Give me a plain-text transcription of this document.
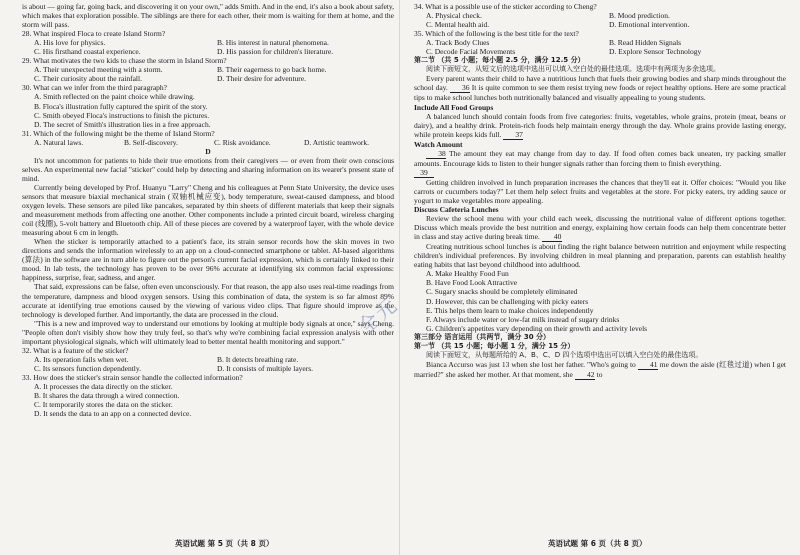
is about — going far, going back, and discovering it on your own," adds Smith. And in the end, it's also a book about safety, which makes that exploration possible. The siblings are there for each other, their mom is waiting for them at home, and the storm will pass.

28. What inspired Floca to create Island Storm?

A. His love for physics.	B. His interest in natural phenomena.
C. His firsthand coastal experience.	D. His passion for children's literature.

29. What motivates the two kids to chase the storm in Island Storm?

A. Their unexpected meeting with a storm.	B. Their eagerness to go back home.
C. Their curiosity about the rainfall.	D. Their desire for adventure.

30. What can we infer from the third paragraph?

A. Smith reflected on the paint choice while drawing.

B. Floca's illustration fully captured the spirit of the story.

C. Smith obeyed Floca's instructions to finish the pictures.

D. The secret of Smith's illustration lies in a free approach.

31. Which of the following might be the theme of Island Storm?

A. Natural laws.	B. Self-discovery.	C. Risk avoidance.	D. Artistic teamwork.

D

It's not uncommon for patients to hide their true emotions from their caregivers — or even from their own conscious selves. An experimental new facial "sticker" could help by detecting and sharing information on its wearer's present state of mind.

Currently being developed by Prof. Huanyu "Larry" Cheng and his colleagues at Penn State University, the device uses sensors that measure biaxial mechanical strain (双轴机械应变), body temperature, sweat-caused dampness, and blood oxygen levels. These sensors are piled like pancakes, separated by thin sheets of different materials that keep their signals and measurement methods from affecting one another. Other components include a printed circuit board, wireless charging coil (线圈), 5-volt battery and Bluetooth chip. All of these pieces are covered by a waterproof layer, with the whole device measuring about 6 cm in length.

When the sticker is temporarily attached to a patient's face, its strain sensor records how the skin moves in two directions and sends the information wirelessly to an app on a cloud-connected smartphone or tablet. AI-based algorithms (算法) in the software are in turn able to figure out the person's current facial expression, which is certainly linked to their mood. In lab tests, the technology has proven to be over 96% accurate at identifying six common facial expressions: happiness, surprise, fear, sadness, and anger.

That said, expressions can be false, often even unconsciously. For that reason, the app also uses real-time readings from the temperature, dampness and blood oxygen sensors. Using this combination of data, the system is so far almost 89% accurate at identifying true emotions caused by the viewing of various video clips. That figure should improve as the technology is developed further. And importantly, the data are processed in the cloud.

"This is a new and improved way to understand our emotions by looking at multiple body signals at once," says Cheng. "People often don't visibly show how they truly feel, so that's why we're combining facial expression analysis with other important physiological signals, which will ultimately lead to better mental health monitoring and support."

32. What is a feature of the sticker?

A. Its operation fails when wet.	B. It detects breathing rate.
C. Its sensors function dependently.	D. It consists of multiple layers.

33. How does the sticker's strain sensor handle the collected information?

A. It processes the data directly on the sticker.

B. It shares the data through a wired connection.

C. It temporarily stores the data on the sticker.

D. It sends the data to an app on a connected device.

34. What is a possible use of the sticker according to Cheng?

A. Physical check.	B. Mood prediction.
C. Mental health aid.	D. Emotional intervention.

35. Which of the following is the best title for the text?

A. Track Body Clues	B. Read Hidden Signals
C. Decode Facial Movements	D. Explore Sensor Technology

第二节 （共 5 小题；每小题 2.5 分，满分 12.5 分）

阅读下面短文，从短文后的选项中选出可以填入空白处的最佳选项。选项中有两项为多余选项。

Every parent wants their child to have a nutritious lunch that fuels their growing bodies and sharp minds throughout the school day. 36 It is quite common to see them resist trying new foods or reject healthy options. Here are some practical tips to make school lunches both nutritionally balanced and visually appealing to young students.

Include All Food Groups

A balanced lunch should contain foods from five categories: fruits, vegetables, whole grains, protein (meat, beans or dairy), and a healthy drink. Protein-rich foods help maintain energy through the day. Whole grains provide lasting energy, while protein keeps kids full. 37

Watch Amount

38 The amount they eat may change from day to day. If food often comes back uneaten, try packing smaller amounts. Encourage kids to listen to their hunger signals rather than forcing them to finish everything.

39

Getting children involved in lunch preparation increases the chances that they'll eat it. Offer choices: "Would you like carrots or cucumbers today?" Let them help select fruits and vegetables at the store. For picky eaters, try adding sauce or yogurt to make vegetables more appealing.

Discuss Cafeteria Lunches

Review the school menu with your child each week, discussing the nutritional value of different options together. Discuss which meals provide the best nutrition and energy, explaining how certain foods can help them concentrate better in class and stay active during break time. 40

Creating nutritious school lunches is about finding the right balance between nutrition and enjoyment while respecting children's individual preferences. By involving children in meal planning and preparation, parents can establish healthy eating habits that last beyond childhood into adulthood.

A. Make Healthy Food Fun

B. Have Food Look Attractive

C. Sugary snacks should be completely eliminated

D. However, this can be challenging with picky eaters

E. This helps them learn to make choices independently

F. Always include water or low-fat milk instead of sugary drinks

G. Children's appetites vary depending on their growth and activity levels

第三部分 语言运用（共两节，满分 30 分）

第一节 （共 15 小题；每小题 1 分，满分 15 分）

阅读下面短文，从每题所给的 A、B、C、D 四个选项中选出可以填入空白处的最佳选项。

Bianca Accurso was just 13 when she lost her father. "Who's going to 41 me down the aisle (红毯过道) when I get married?" she asked her mother. At that moment, she 42 to

全元
英语试题 第 5 页（共 8 页）	英语试题 第 6 页（共 8 页）
